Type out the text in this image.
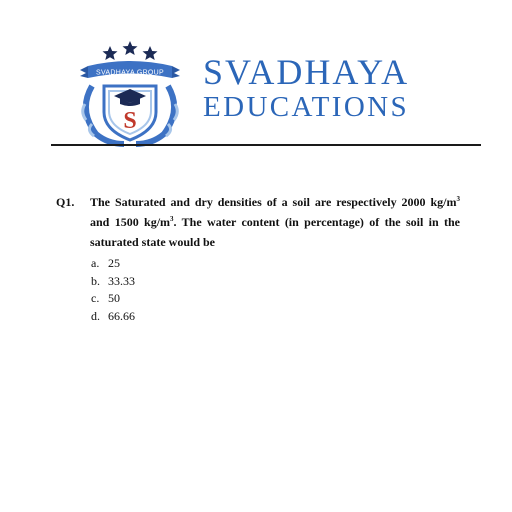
SVADHAYA GROUP
S
SVADHAYA
EDUCATIONS
Q1. The Saturated and dry densities of a soil are respectively 2000 $kg/m^3$ and 1500 $kg/m^3$. The water content (in percentage) of the soil in the saturated state would be
a. 25
b. 33.33
c. 50
d. 66.66
